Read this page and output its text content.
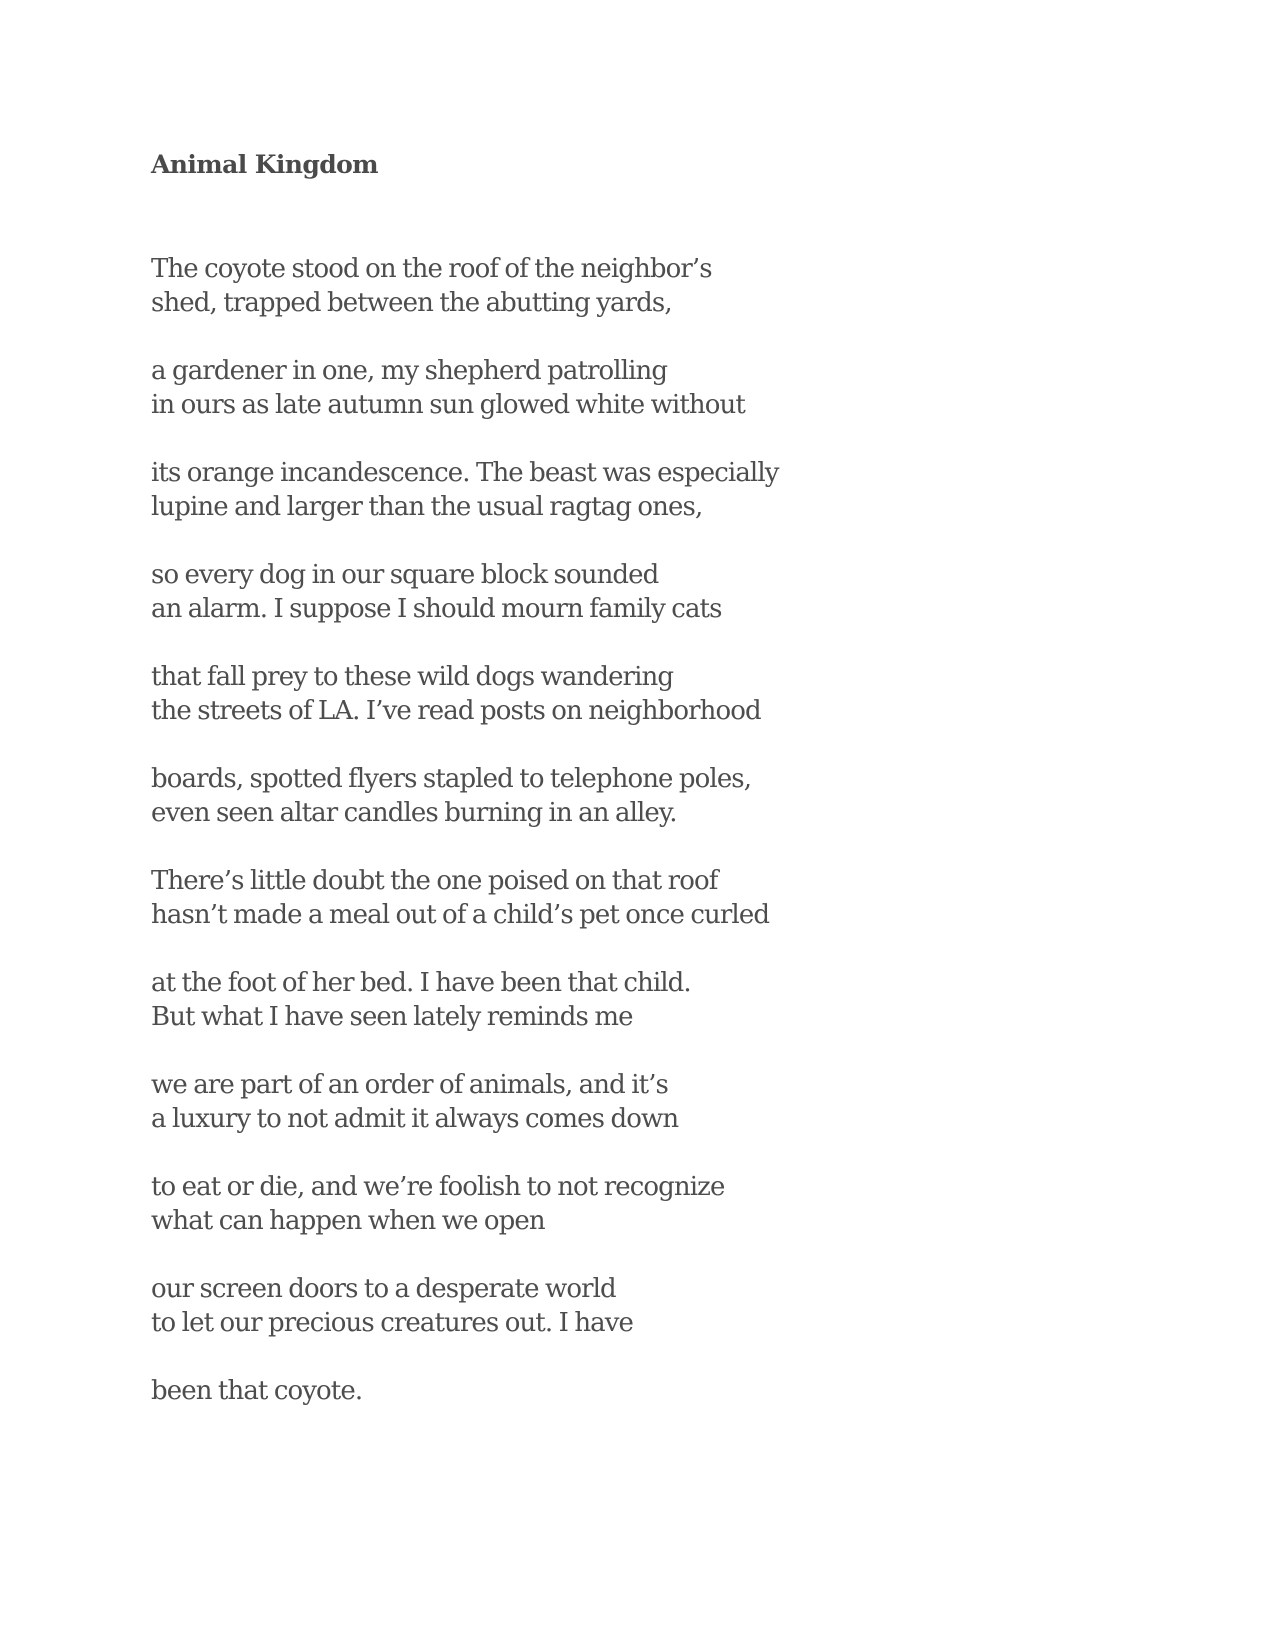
Animal Kingdom
The coyote stood on the roof of the neighbor’s
shed, trapped between the abutting yards,
a gardener in one, my shepherd patrolling
in ours as late autumn sun glowed white without
its orange incandescence. The beast was especially
lupine and larger than the usual ragtag ones,
so every dog in our square block sounded
an alarm. I suppose I should mourn family cats
that fall prey to these wild dogs wandering
the streets of LA. I’ve read posts on neighborhood
boards, spotted flyers stapled to telephone poles,
even seen altar candles burning in an alley.
There’s little doubt the one poised on that roof
hasn’t made a meal out of a child’s pet once curled
at the foot of her bed. I have been that child.
But what I have seen lately reminds me
we are part of an order of animals, and it’s
a luxury to not admit it always comes down
to eat or die, and we’re foolish to not recognize
what can happen when we open
our screen doors to a desperate world
to let our precious creatures out. I have
been that coyote.
